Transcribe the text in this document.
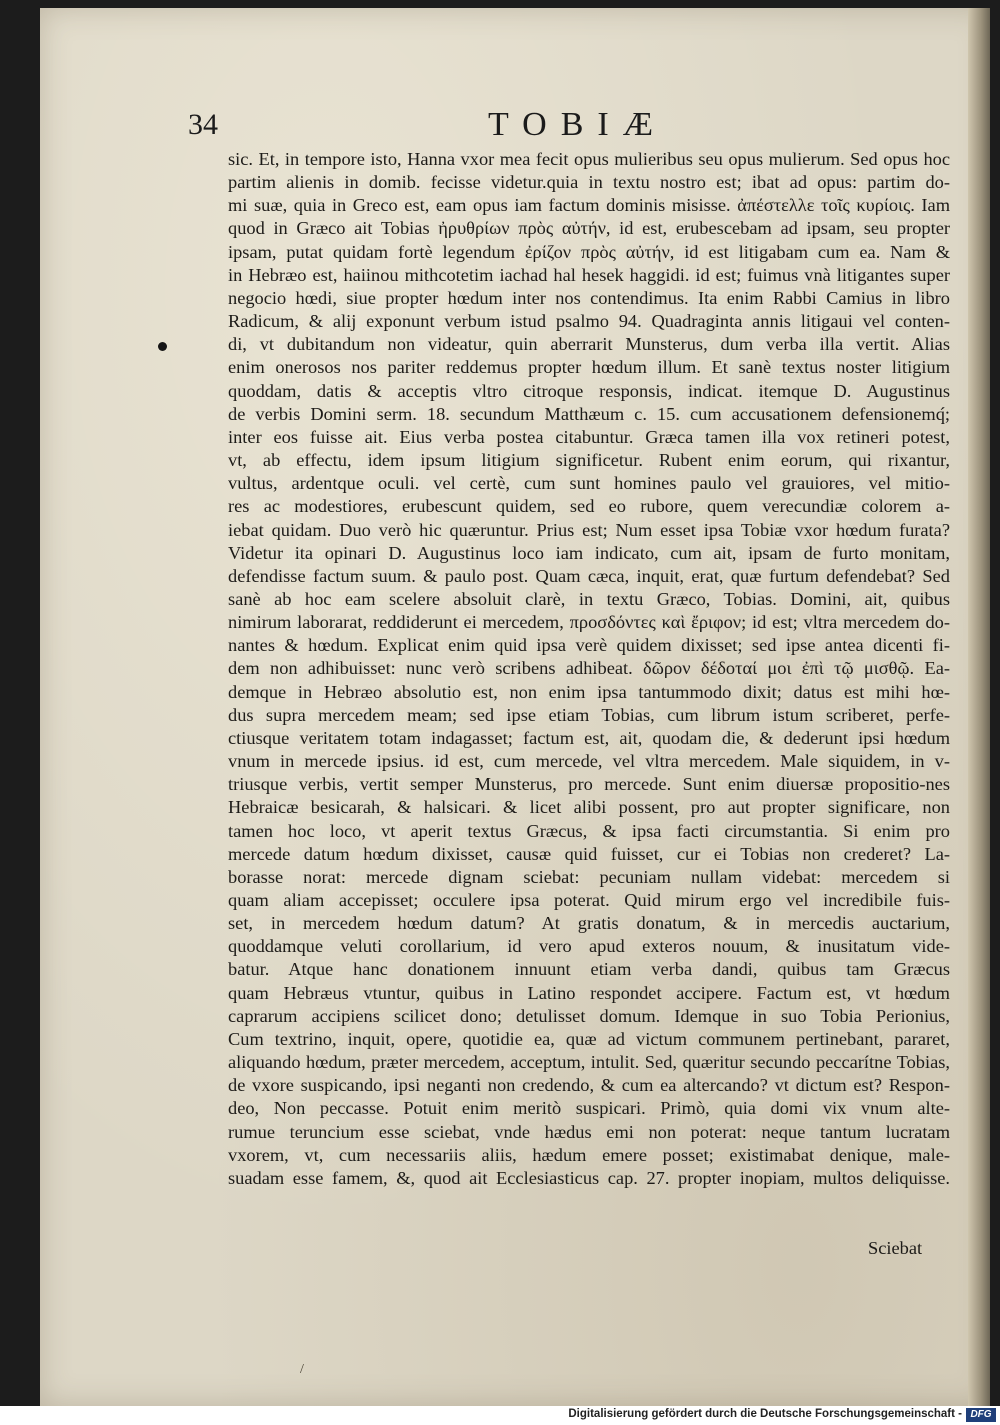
34	TOBIÆ
sic. Et, in tempore isto, Hanna vxor mea fecit opus mulieribus seu opus mulierum. Sed opus hoc
partim alienis in domib. fecisse videtur.quia in textu nostro est; ibat ad opus: partim do-
mi suæ, quia in Greco est, eam opus iam factum dominis misisse. ἀπέστελλε τοῖς κυρίοις. Iam
quod in Græco ait Tobias ἠρυθρίων πρὸς αὐτήν, id est, erubescebam ad ipsam, seu propter
ipsam, putat quidam fortè legendum ἐρίζον πρὸς αὐτήν, id est litigabam cum ea. Nam &
in Hebræo est, haiinou mithcotetim iachad hal hesek haggidi. id est; fuimus vnà litigantes super
negocio hœdi, siue propter hœdum inter nos contendimus. Ita enim Rabbi Camius in libro
Radicum, & alij exponunt verbum istud psalmo 94. Quadraginta annis litigaui vel conten-
di, vt dubitandum non videatur, quin aberrarit Munsterus, dum verba illa vertit. Alias
enim onerosos nos pariter reddemus propter hœdum illum. Et sanè textus noster litigium
quoddam, datis & acceptis vltro citroque responsis, indicat. itemque D. Augustinus
de verbis Domini serm. 18. secundum Matthæum c. 15. cum accusationem defensionemq́;
inter eos fuisse ait. Eius verba postea citabuntur. Græca tamen illa vox retineri potest,
vt, ab effectu, idem ipsum litigium significetur. Rubent enim eorum, qui rixantur,
vultus, ardentque oculi. vel certè, cum sunt homines paulo vel grauiores, vel mitio-
res ac modestiores, erubescunt quidem, sed eo rubore, quem verecundiæ colorem a-
iebat quidam. Duo verò hic quæruntur. Prius est; Num esset ipsa Tobiæ vxor hœdum furata?
Videtur ita opinari D. Augustinus loco iam indicato, cum ait, ipsam de furto monitam,
defendisse factum suum. & paulo post. Quam cæca, inquit, erat, quæ furtum defendebat? Sed
sanè ab hoc eam scelere absoluit clarè, in textu Græco, Tobias. Domini, ait, quibus
nimirum laborarat, reddiderunt ei mercedem, προσδόντες καὶ ἔριφον; id est; vltra mercedem do-
nantes & hœdum. Explicat enim quid ipsa verè quidem dixisset; sed ipse antea dicenti fi-
dem non adhibuisset: nunc verò scribens adhibeat. δῶρον δέδοταί μοι ἐπὶ τῷ μισθῷ. Ea-
demque in Hebræo absolutio est, non enim ipsa tantummodo dixit; datus est mihi hœ-
dus supra mercedem meam; sed ipse etiam Tobias, cum librum istum scriberet, perfe-
ctiusque veritatem totam indagasset; factum est, ait, quodam die, & dederunt ipsi hœdum
vnum in mercede ipsius. id est, cum mercede, vel vltra mercedem. Male siquidem, in v-
triusque verbis, vertit semper Munsterus, pro mercede. Sunt enim diuersæ propositio-nes
Hebraicæ besicarah, & halsicari. & licet alibi possent, pro aut propter significare, non
tamen hoc loco, vt aperit textus Græcus, & ipsa facti circumstantia. Si enim pro
mercede datum hœdum dixisset, causæ quid fuisset, cur ei Tobias non crederet? La-
borasse norat: mercede dignam sciebat: pecuniam nullam videbat: mercedem si
quam aliam accepisset; occulere ipsa poterat. Quid mirum ergo vel incredibile fuis-
set, in mercedem hœdum datum? At gratis donatum, & in mercedis auctarium,
quoddamque veluti corollarium, id vero apud exteros nouum, & inusitatum vide-
batur. Atque hanc donationem innuunt etiam verba dandi, quibus tam Græcus
quam Hebræus vtuntur, quibus in Latino respondet accipere. Factum est, vt hœdum
caprarum accipiens scilicet dono; detulisset domum. Idemque in suo Tobia Perionius,
Cum textrino, inquit, opere, quotidie ea, quæ ad victum communem pertinebant, pararet,
aliquando hœdum, præter mercedem, acceptum, intulit. Sed, quæritur secundo peccarítne Tobias,
de vxore suspicando, ipsi neganti non credendo, & cum ea altercando? vt dictum est? Respon-
deo, Non peccasse. Potuit enim meritò suspicari. Primò, quia domi vix vnum alte-
rumue teruncium esse sciebat, vnde hædus emi non poterat: neque tantum lucratam
vxorem, vt, cum necessariis aliis, hædum emere posset; existimabat denique, male-
suadam esse famem, &, quod ait Ecclesiasticus cap. 27. propter inopiam, multos deliquisse.
Sciebat
/
Digitalisierung gefördert durch die Deutsche Forschungsgemeinschaft - DFG
